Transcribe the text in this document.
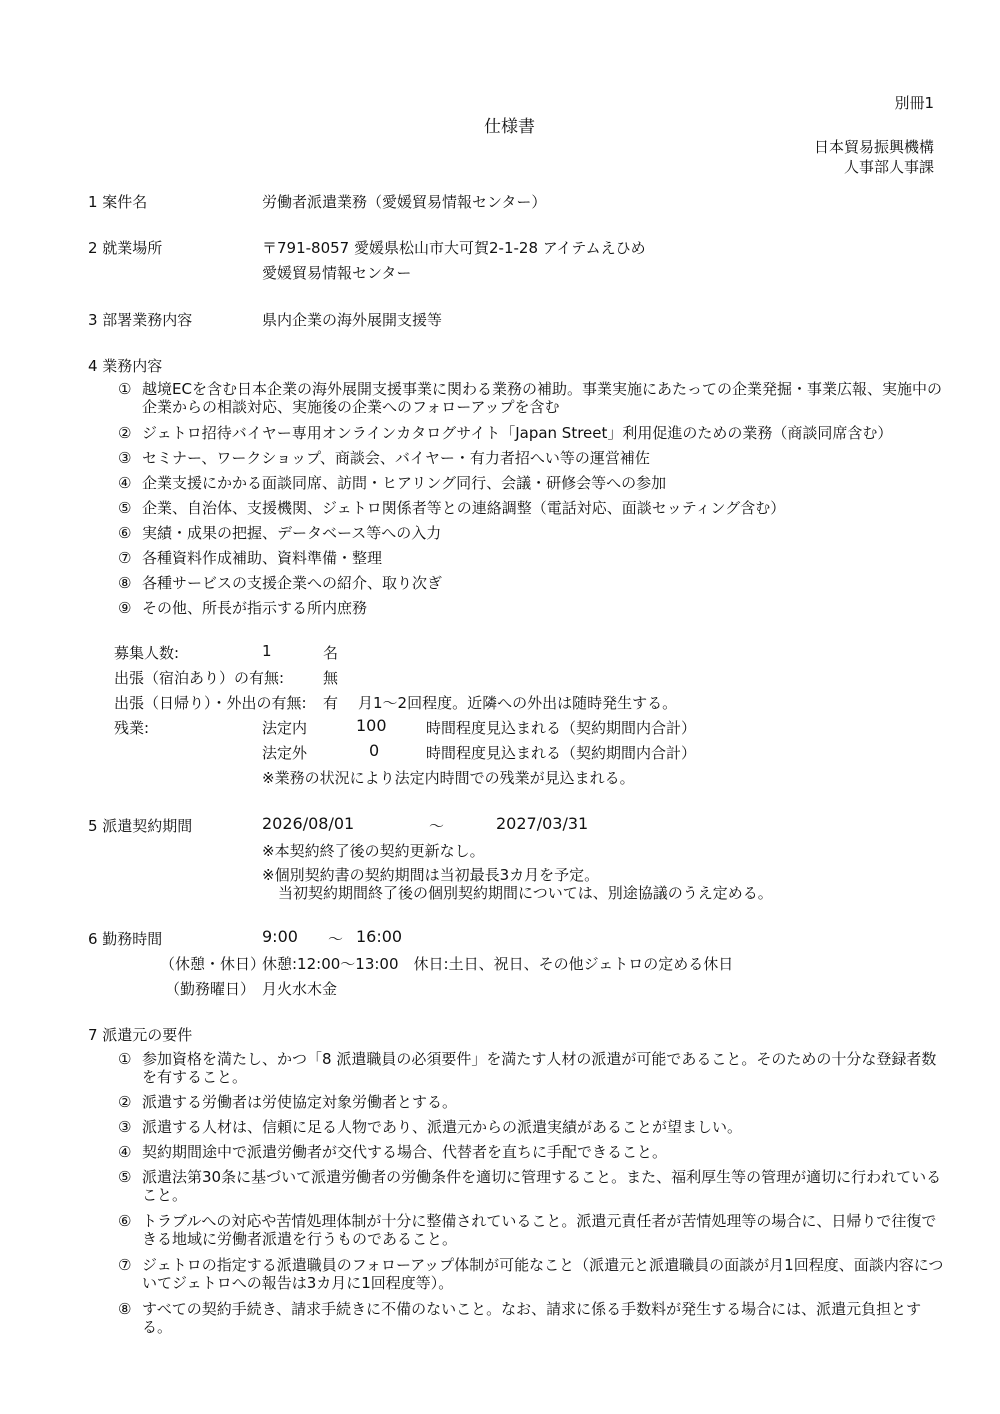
別冊1
仕様書
日本貿易振興機構
人事部人事課
1 案件名	労働者派遣業務（愛媛貿易情報センター）
2 就業場所	〒791-8057 愛媛県松山市大可賀2-1-28 アイテムえひめ
愛媛貿易情報センター
3 部署業務内容	県内企業の海外展開支援等
4 業務内容
① 越境ECを含む日本企業の海外展開支援事業に関わる業務の補助。事業実施にあたっての企業発掘・事業広報、実施中の企業からの相談対応、実施後の企業へのフォローアップを含む
② ジェトロ招待バイヤー専用オンラインカタログサイト「Japan Street」利用促進のための業務（商談同席含む）
③ セミナー、ワークショップ、商談会、バイヤー・有力者招へい等の運営補佐
④ 企業支援にかかる面談同席、訪問・ヒアリング同行、会議・研修会等への参加
⑤ 企業、自治体、支援機関、ジェトロ関係者等との連絡調整（電話対応、面談セッティング含む）
⑥ 実績・成果の把握、データベース等への入力
⑦ 各種資料作成補助、資料準備・整理
⑧ 各種サービスの支援企業への紹介、取り次ぎ
⑨ その他、所長が指示する所内庶務
募集人数:	1	名
出張（宿泊あり）の有無:	無
出張（日帰り）・外出の有無: 有 月1～2回程度。近隣への外出は随時発生する。
残業:	法定内	100	時間程度見込まれる（契約期間内合計）
法定外	0	時間程度見込まれる（契約期間内合計）
※業務の状況により法定内時間での残業が見込まれる。
5 派遣契約期間	2026/08/01	～	2027/03/31
※本契約終了後の契約更新なし。
※個別契約書の契約期間は当初最長3カ月を予定。
当初契約期間終了後の個別契約期間については、別途協議のうえ定める。
6 勤務時間	9:00 ～ 16:00
（休憩・休日）
休憩:12:00～13:00　休日:土日、祝日、その他ジェトロの定める休日
（勤務曜日） 月火水木金
7 派遣元の要件
① 参加資格を満たし、かつ「8 派遣職員の必須要件」を満たす人材の派遣が可能であること。そのための十分な登録者数を有すること。
② 派遣する労働者は労使協定対象労働者とする。
③ 派遣する人材は、信頼に足る人物であり、派遣元からの派遣実績があることが望ましい。
④ 契約期間途中で派遣労働者が交代する場合、代替者を直ちに手配できること。
⑤ 派遣法第30条に基づいて派遣労働者の労働条件を適切に管理すること。また、福利厚生等の管理が適切に行われていること。
⑥ トラブルへの対応や苦情処理体制が十分に整備されていること。派遣元責任者が苦情処理等の場合に、日帰りで往復できる地域に労働者派遣を行うものであること。
⑦ ジェトロの指定する派遣職員のフォローアップ体制が可能なこと（派遣元と派遣職員の面談が月1回程度、面談内容についてジェトロへの報告は3カ月に1回程度等）。
⑧ すべての契約手続き、請求手続きに不備のないこと。なお、請求に係る手数料が発生する場合には、派遣元負担とする。
